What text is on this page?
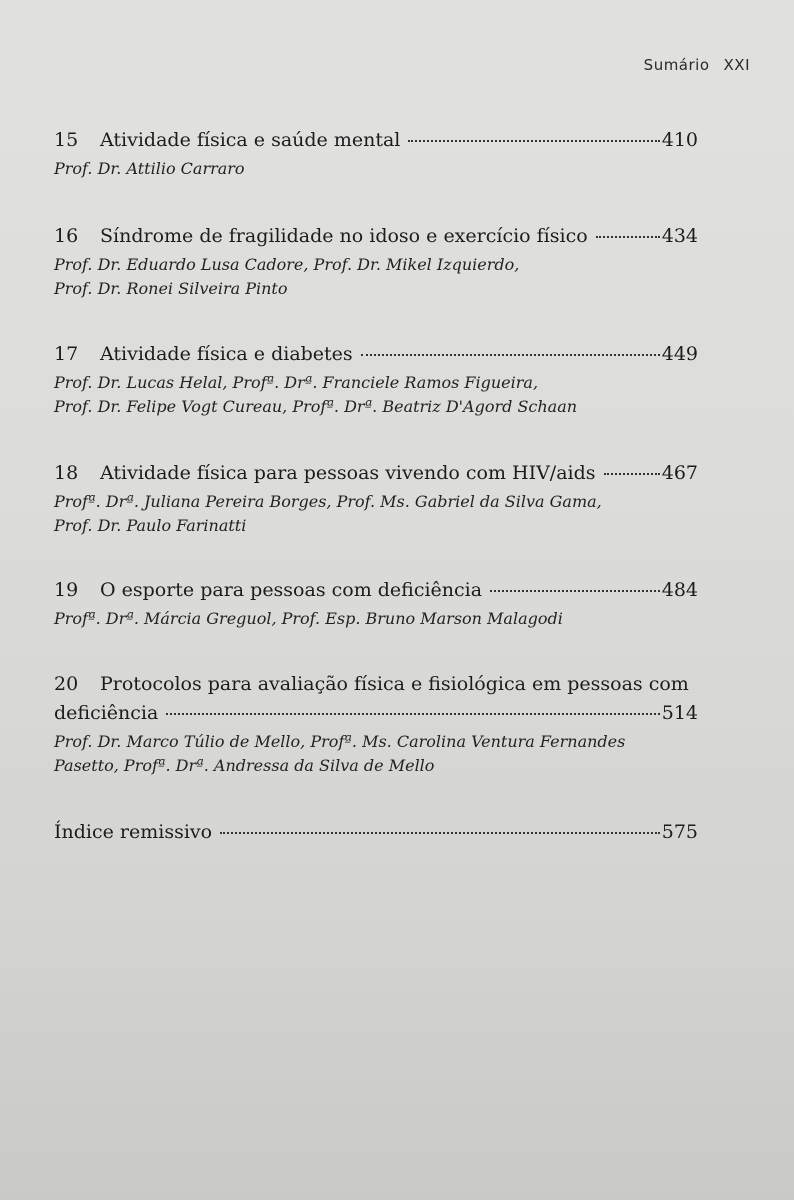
Sumário XXI
15	Atividade física e saúde mental	410
Prof. Dr. Attilio Carraro
16	Síndrome de fragilidade no idoso e exercício físico	434
Prof. Dr. Eduardo Lusa Cadore, Prof. Dr. Mikel Izquierdo,
Prof. Dr. Ronei Silveira Pinto
17	Atividade física e diabetes	449
Prof. Dr. Lucas Helal, Profª. Drª. Franciele Ramos Figueira,
Prof. Dr. Felipe Vogt Cureau, Profª. Drª. Beatriz D'Agord Schaan
18	Atividade física para pessoas vivendo com HIV/aids	467
Profª. Drª. Juliana Pereira Borges, Prof. Ms. Gabriel da Silva Gama,
Prof. Dr. Paulo Farinatti
19	O esporte para pessoas com deficiência	484
Profª. Drª. Márcia Greguol, Prof. Esp. Bruno Marson Malagodi
20 Protocolos para avaliação física e fisiológica em pessoas com
deficiência	514
Prof. Dr. Marco Túlio de Mello, Profª. Ms. Carolina Ventura Fernandes
Pasetto, Profª. Drª. Andressa da Silva de Mello
Índice remissivo	575
